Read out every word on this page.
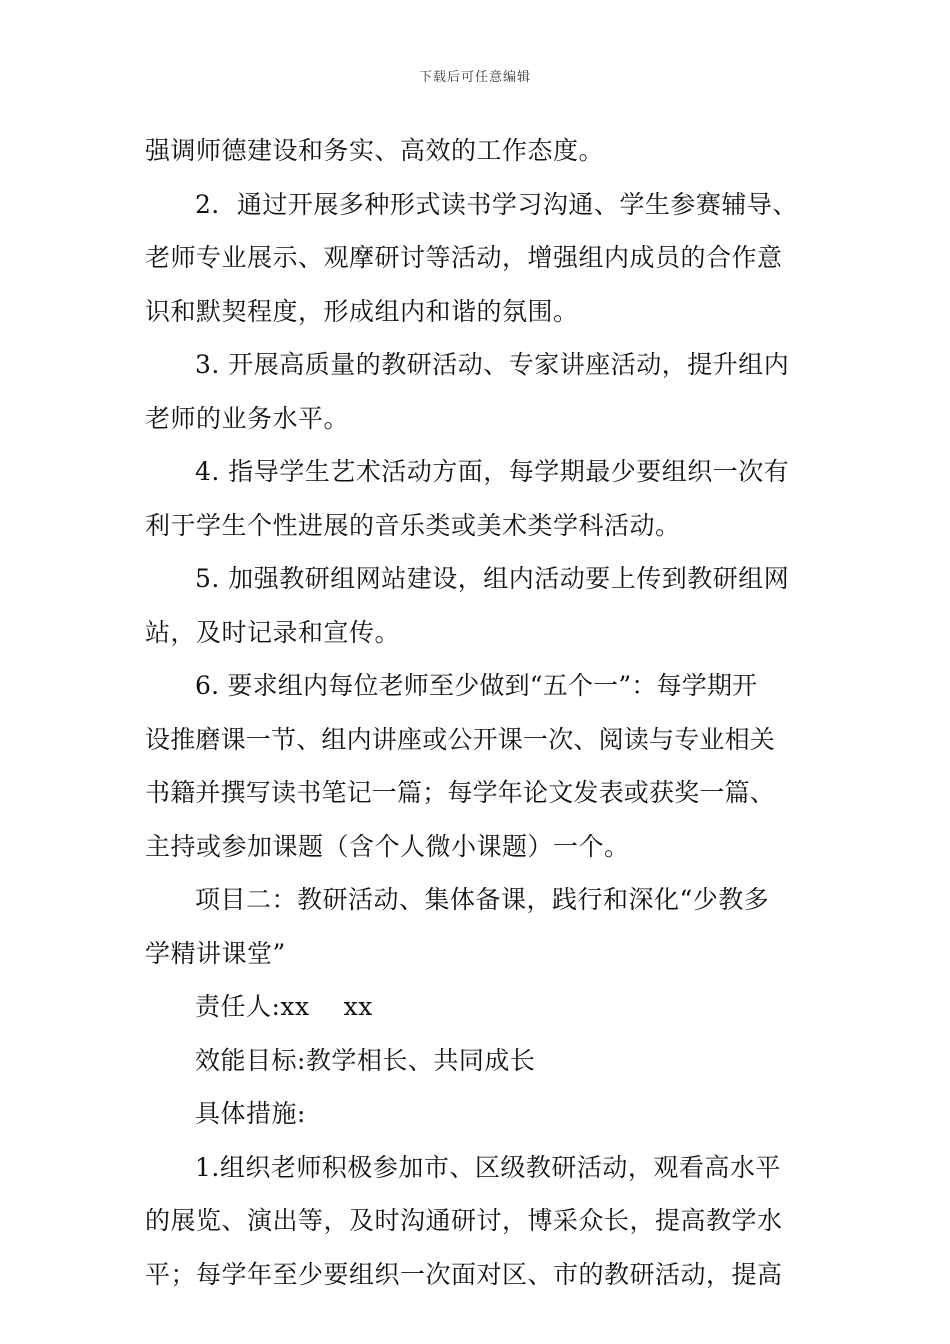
下载后可任意编辑
强调师德建设和务实、高效的工作态度。
2．通过开展多种形式读书学习沟通、学生参赛辅导、
老师专业展示、观摩研讨等活动，增强组内成员的合作意
识和默契程度，形成组内和谐的氛围。
3. 开展高质量的教研活动、专家讲座活动，提升组内
老师的业务水平。
4. 指导学生艺术活动方面，每学期最少要组织一次有
利于学生个性进展的音乐类或美术类学科活动。
5. 加强教研组网站建设，组内活动要上传到教研组网
站，及时记录和宣传。
6. 要求组内每位老师至少做到“五个一”：每学期开
设推磨课一节、组内讲座或公开课一次、阅读与专业相关
书籍并撰写读书笔记一篇；每学年论文发表或获奖一篇、
主持或参加课题（含个人微小课题）一个。
项目二：教研活动、集体备课，践行和深化“少教多
学精讲课堂”
责任人:xx xx
效能目标:教学相长、共同成长
具体措施:
1.组织老师积极参加市、区级教研活动，观看高水平
的展览、演出等，及时沟通研讨，博采众长，提高教学水
平；每学年至少要组织一次面对区、市的教研活动，提高
